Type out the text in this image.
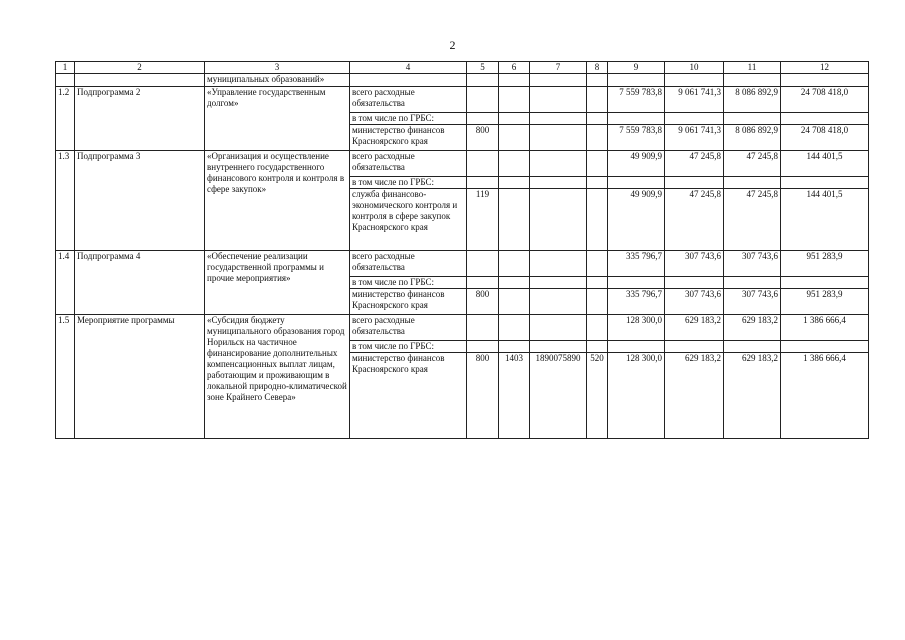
2
1	2	3	4	5	6	7	8	9	10	11	12
		муниципальных образований»									
1.2	Подпрограмма 2	«Управление государственным долгом»	всего расходные обязательства					7 559 783,8	9 061 741,3	8 086 892,9	24 708 418,0
			в том числе по ГРБС:								
			министерство финансов Красноярского края	800				7 559 783,8	9 061 741,3	8 086 892,9	24 708 418,0
1.3	Подпрограмма 3	«Организация и осуществление внутреннего государственного финансового контроля и контроля в сфере закупок»	всего расходные обязательства					49 909,9	47 245,8	47 245,8	144 401,5
			в том числе по ГРБС:								
			служба финансово-экономического контроля и контроля в сфере закупок Красноярского края	119				49 909,9	47 245,8	47 245,8	144 401,5
1.4	Подпрограмма 4	«Обеспечение реализации государственной программы и прочие мероприятия»	всего расходные обязательства					335 796,7	307 743,6	307 743,6	951 283,9
			в том числе по ГРБС:								
			министерство финансов Красноярского края	800				335 796,7	307 743,6	307 743,6	951 283,9
1.5	Мероприятие программы	«Субсидия бюджету муниципального образования город Норильск на частичное финансирование дополнительных компенсационных выплат лицам, работающим и проживающим в локальной природно-климатической зоне Крайнего Севера»	всего расходные обязательства					128 300,0	629 183,2	629 183,2	1 386 666,4
			в том числе по ГРБС:								
			министерство финансов Красноярского края	800	1403	1890075890	520	128 300,0	629 183,2	629 183,2	1 386 666,4
